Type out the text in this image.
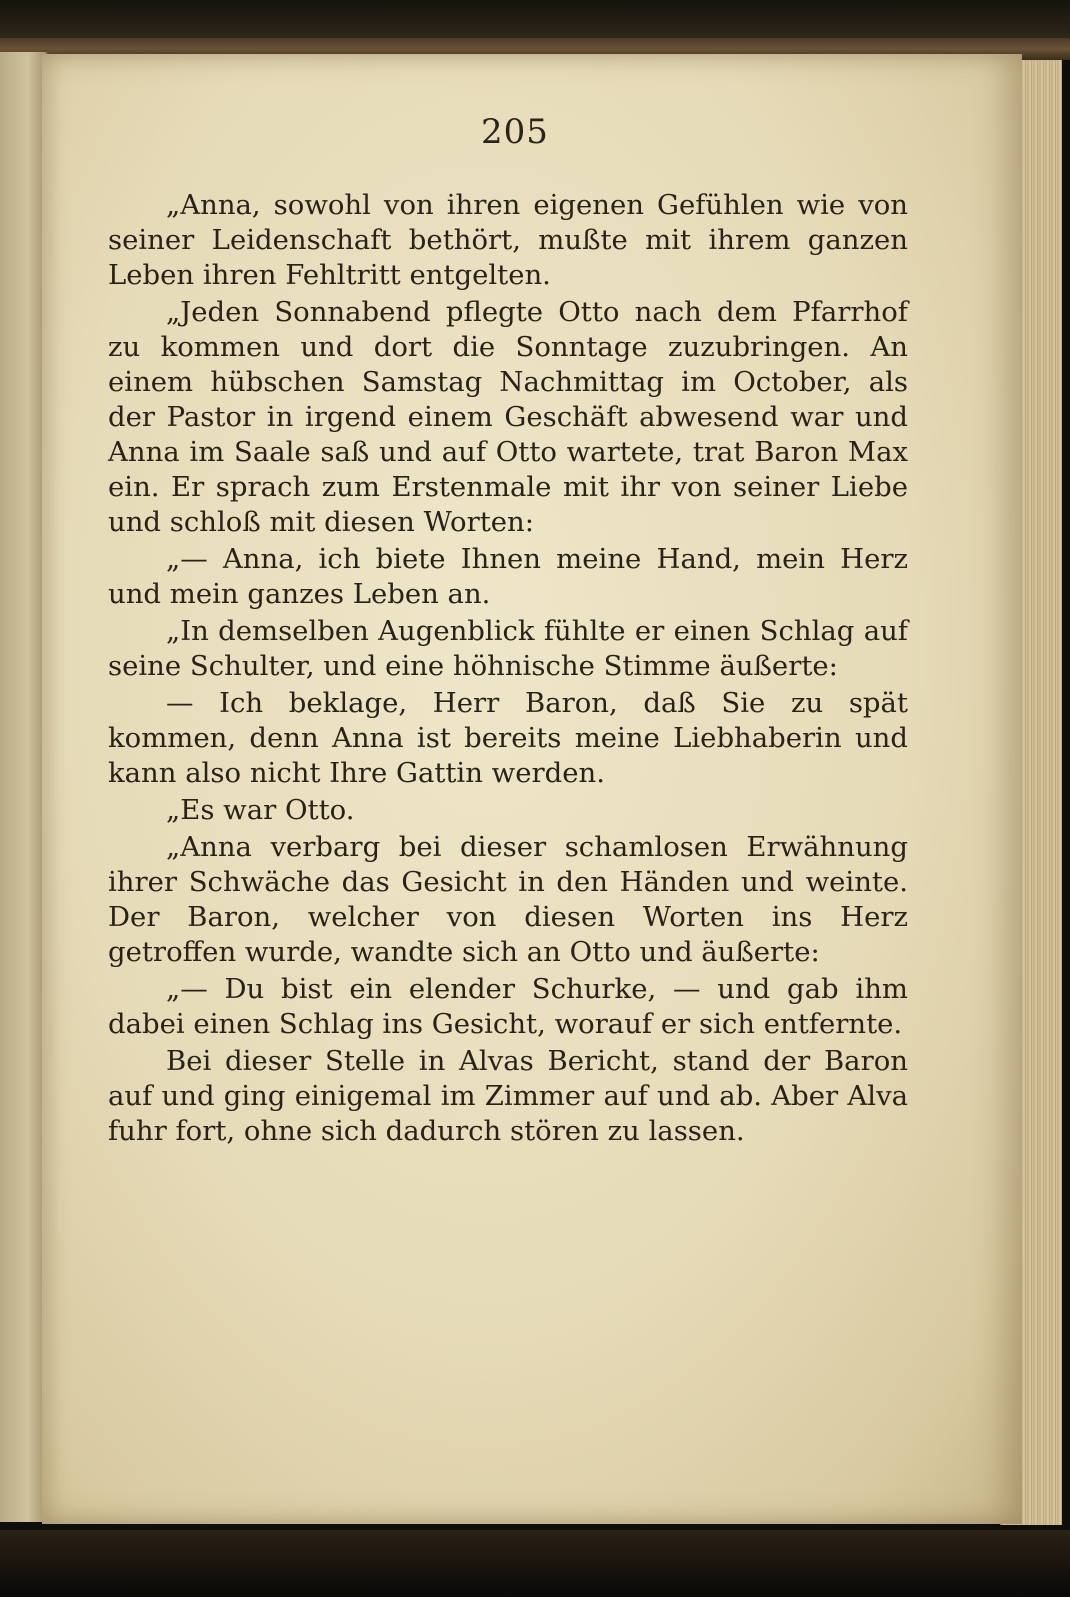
205

„Anna, sowohl von ihren eigenen Gefühlen wie von seiner Leidenschaft bethört, mußte mit ihrem ganzen Leben ihren Fehltritt entgelten.

„Jeden Sonnabend pflegte Otto nach dem Pfarrhof zu kommen und dort die Sonntage zuzubringen. An einem hübschen Samstag Nachmittag im October, als der Pastor in irgend einem Geschäft abwesend war und Anna im Saale saß und auf Otto wartete, trat Baron Max ein. Er sprach zum Erstenmale mit ihr von seiner Liebe und schloß mit diesen Worten:

„— Anna, ich biete Ihnen meine Hand, mein Herz und mein ganzes Leben an.

„In demselben Augenblick fühlte er einen Schlag auf seine Schulter, und eine höhnische Stimme äußerte:

— Ich beklage, Herr Baron, daß Sie zu spät kommen, denn Anna ist bereits meine Liebhaberin und kann also nicht Ihre Gattin werden.

„Es war Otto.

„Anna verbarg bei dieser schamlosen Erwähnung ihrer Schwäche das Gesicht in den Händen und weinte. Der Baron, welcher von diesen Worten ins Herz getroffen wurde, wandte sich an Otto und äußerte:

„— Du bist ein elender Schurke, — und gab ihm dabei einen Schlag ins Gesicht, worauf er sich entfernte.

Bei dieser Stelle in Alvas Bericht, stand der Baron auf und ging einigemal im Zimmer auf und ab. Aber Alva fuhr fort, ohne sich dadurch stören zu lassen.
